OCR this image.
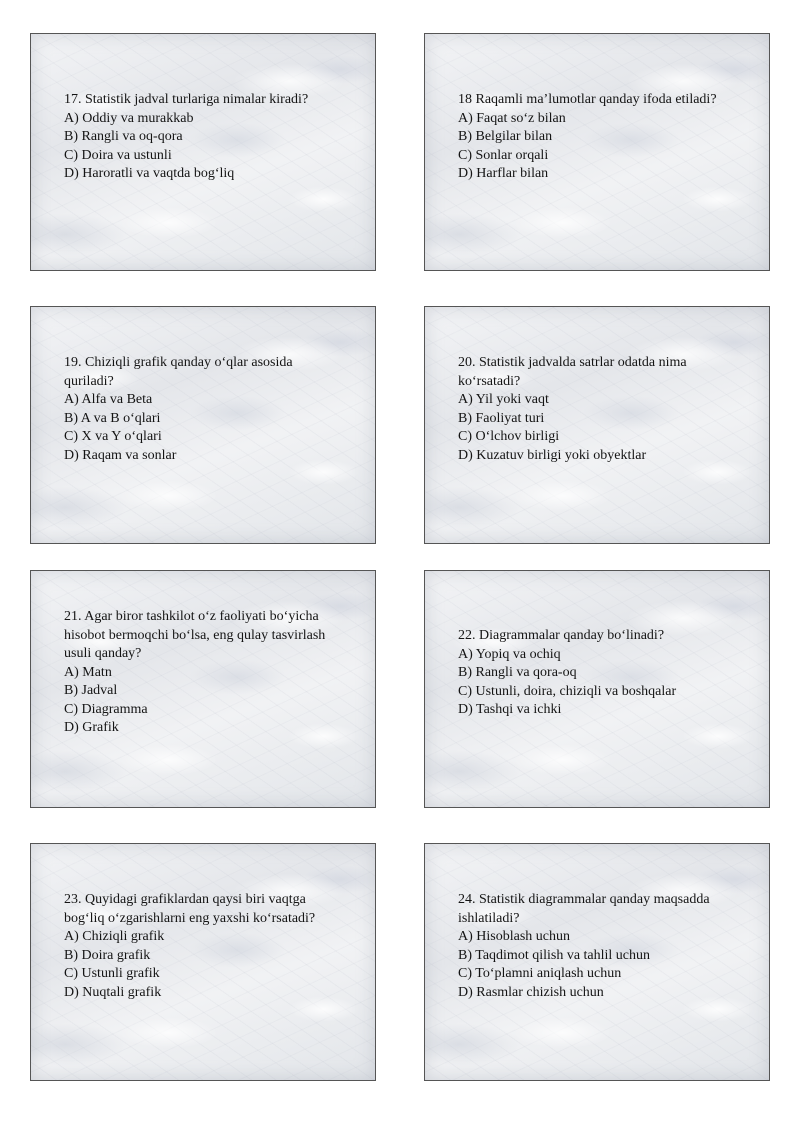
17. Statistik jadval turlariga nimalar kiradi?
A) Oddiy va murakkab
B) Rangli va oq-qora
C) Doira va ustunli
D) Haroratli va vaqtda bog‘liq
18 Raqamli ma’lumotlar qanday ifoda etiladi?
A) Faqat so‘z bilan
B) Belgilar bilan
C) Sonlar orqali
D) Harflar bilan
19. Chiziqli grafik qanday o‘qlar asosida
quriladi?
A) Alfa va Beta
B) A va B o‘qlari
C) X va Y o‘qlari
D) Raqam va sonlar
20. Statistik jadvalda satrlar odatda nima
ko‘rsatadi?
A) Yil yoki vaqt
B) Faoliyat turi
C) O‘lchov birligi
D) Kuzatuv birligi yoki obyektlar
21. Agar biror tashkilot o‘z faoliyati bo‘yicha
hisobot bermoqchi bo‘lsa, eng qulay tasvirlash
usuli qanday?
A) Matn
B) Jadval
C) Diagramma
D) Grafik
22. Diagrammalar qanday bo‘linadi?
A) Yopiq va ochiq
B) Rangli va qora-oq
C) Ustunli, doira, chiziqli va boshqalar
D) Tashqi va ichki
23. Quyidagi grafiklardan qaysi biri vaqtga
bog‘liq o‘zgarishlarni eng yaxshi ko‘rsatadi?
A) Chiziqli grafik
B) Doira grafik
C) Ustunli grafik
D) Nuqtali grafik
24. Statistik diagrammalar qanday maqsadda
ishlatiladi?
A) Hisoblash uchun
B) Taqdimot qilish va tahlil uchun
C) To‘plamni aniqlash uchun
D) Rasmlar chizish uchun
